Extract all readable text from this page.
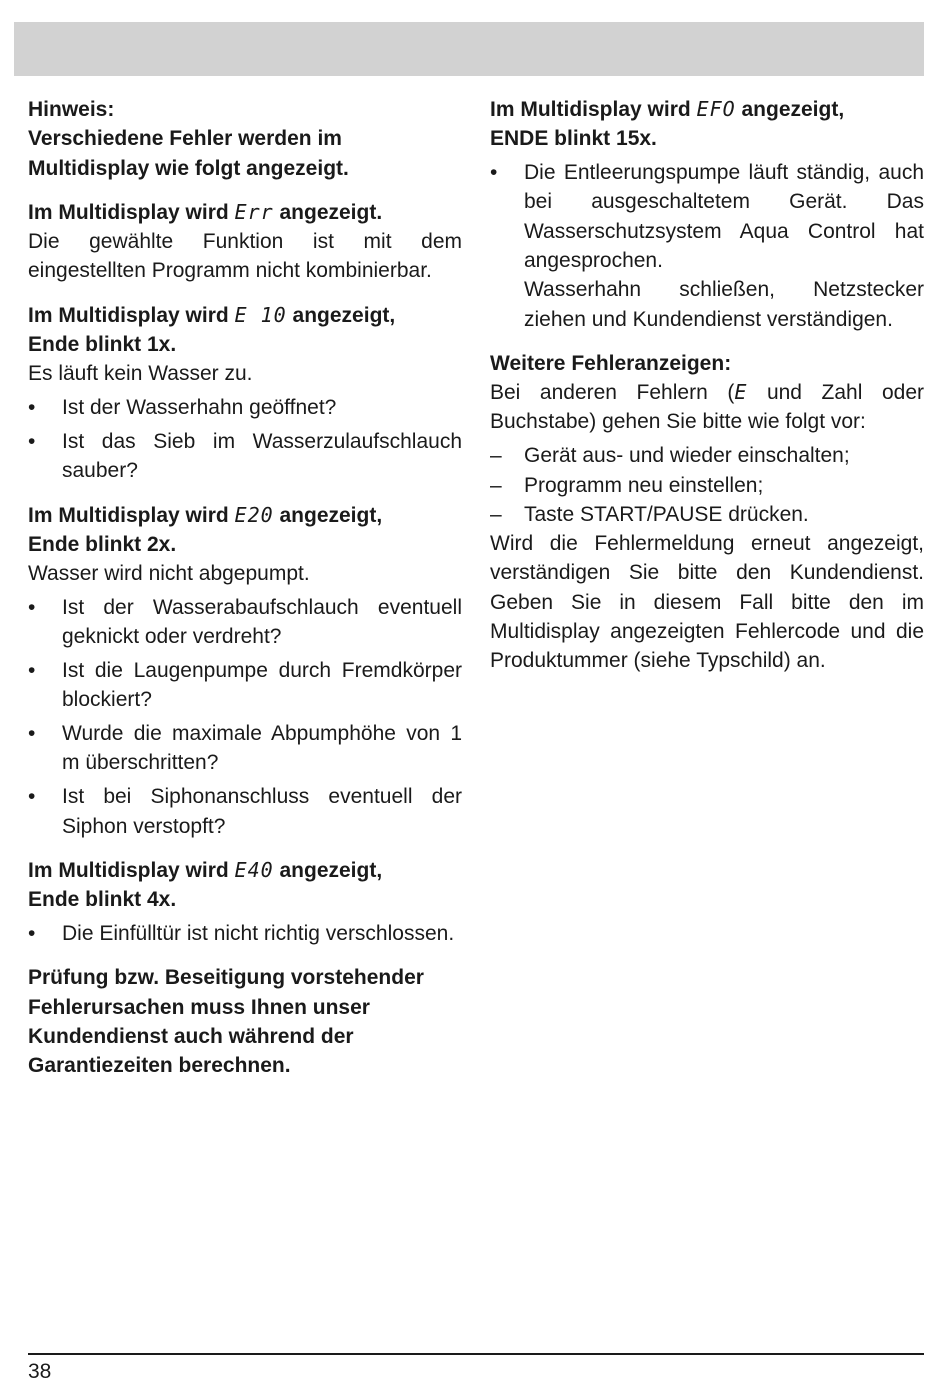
Hinweis:

Verschiedene Fehler werden im Multidisplay wie folgt angezeigt.

Im Multidisplay wird Err angezeigt.

Die gewählte Funktion ist mit dem eingestellten Programm nicht kombinierbar.

Im Multidisplay wird E 10 angezeigt,

Ende blinkt 1x.

Es läuft kein Wasser zu.

• Ist der Wasserhahn geöffnet?
• Ist das Sieb im Wasserzulaufschlauch sauber?

Im Multidisplay wird E20 angezeigt,

Ende blinkt 2x.

Wasser wird nicht abgepumpt.

• Ist der Wasserabaufschlauch eventuell geknickt oder verdreht?
• Ist die Laugenpumpe durch Fremdkörper blockiert?
• Wurde die maximale Abpumphöhe von 1 m überschritten?
• Ist bei Siphonanschluss eventuell der Siphon verstopft?

Im Multidisplay wird E40 angezeigt,

Ende blinkt 4x.

• Die Einfülltür ist nicht richtig verschlossen.

Prüfung bzw. Beseitigung vorstehender Fehlerursachen muss Ihnen unser Kundendienst auch während der Garantiezeiten berechnen.

Im Multidisplay wird EFO angezeigt,

ENDE blinkt 15x.

• Die Entleerungspumpe läuft ständig, auch bei ausgeschaltetem Gerät. Das Wasserschutzsystem Aqua Control hat angesprochen.
Wasserhahn schließen, Netzstecker ziehen und Kundendienst verständigen.

Weitere Fehleranzeigen:

Bei anderen Fehlern (E und Zahl oder Buchstabe) gehen Sie bitte wie folgt vor:

– Gerät aus- und wieder einschalten;
– Programm neu einstellen;
– Taste START/PAUSE drücken.

Wird die Fehlermeldung erneut angezeigt, verständigen Sie bitte den Kundendienst. Geben Sie in diesem Fall bitte den im Multidisplay angezeigten Fehlercode und die Produktummer (siehe Typschild) an.

38
